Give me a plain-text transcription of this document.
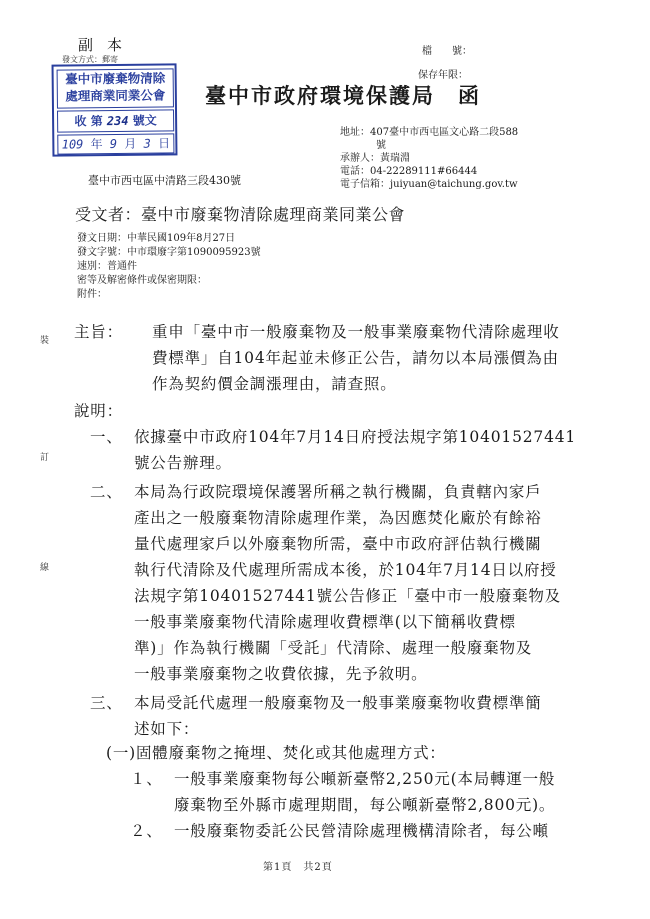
副本
發文方式：郵寄
臺中市廢棄物清除
處理商業同業公會
收 第 234 號文
109 年 9 月 3 日
檔　　號：
保存年限：
臺中市政府環境保護局　函
地址：407臺中市西屯區文心路二段588
號
承辦人：黃瑞淵
電話：04-22289111#66444
電子信箱：juiyuan@taichung.gov.tw
臺中市西屯區中清路三段430號
受文者：臺中市廢棄物清除處理商業同業公會
發文日期：中華民國109年8月27日
發文字號：中市環廢字第1090095923號
速別：普通件
密等及解密條件或保密期限：
附件：
裝
訂
線
主旨： 重申「臺中市一般廢棄物及一般事業廢棄物代清除處理收
費標準」自104年起並未修正公告，請勿以本局漲價為由
作為契約價金調漲理由，請查照。
說明：
一、 依據臺中市政府104年7月14日府授法規字第10401527441
號公告辦理。
二、 本局為行政院環境保護署所稱之執行機關，負責轄內家戶
產出之一般廢棄物清除處理作業，為因應焚化廠於有餘裕
量代處理家戶以外廢棄物所需，臺中市政府評估執行機關
執行代清除及代處理所需成本後，於104年7月14日以府授
法規字第10401527441號公告修正「臺中市一般廢棄物及
一般事業廢棄物代清除處理收費標準(以下簡稱收費標
準)」作為執行機關「受託」代清除、處理一般廢棄物及
一般事業廢棄物之收費依據，先予敘明。
三、 本局受託代處理一般廢棄物及一般事業廢棄物收費標準簡
述如下：
(一)固體廢棄物之掩埋、焚化或其他處理方式：
１、 一般事業廢棄物每公噸新臺幣2,250元(本局轉運一般
廢棄物至外縣市處理期間，每公噸新臺幣2,800元)。
２、 一般廢棄物委託公民營清除處理機構清除者，每公噸
第1頁　共2頁
